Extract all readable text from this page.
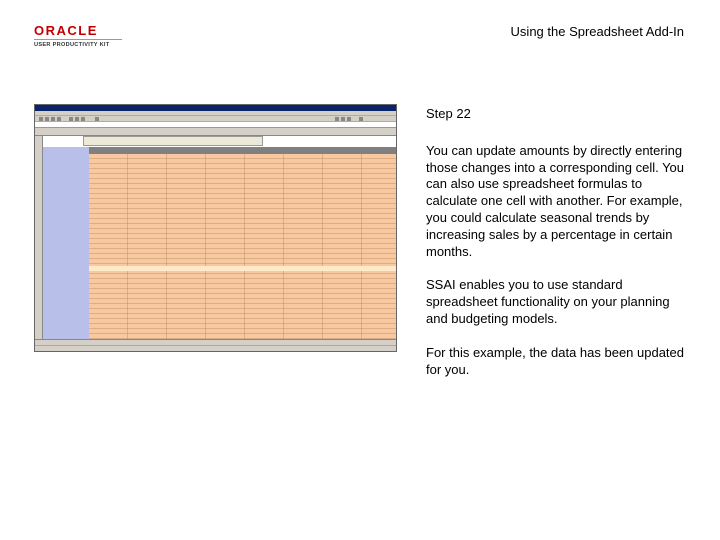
ORACLE
USER PRODUCTIVITY KIT
Using the Spreadsheet Add-In

Step 22

You can update amounts by directly entering those changes into a corresponding cell. You can also use spreadsheet formulas to calculate one cell with another. For example, you could calculate seasonal trends by increasing sales by a percentage in certain months.

SSAI enables you to use standard spreadsheet functionality on your planning and budgeting models.

For this example, the data has been updated for you.
